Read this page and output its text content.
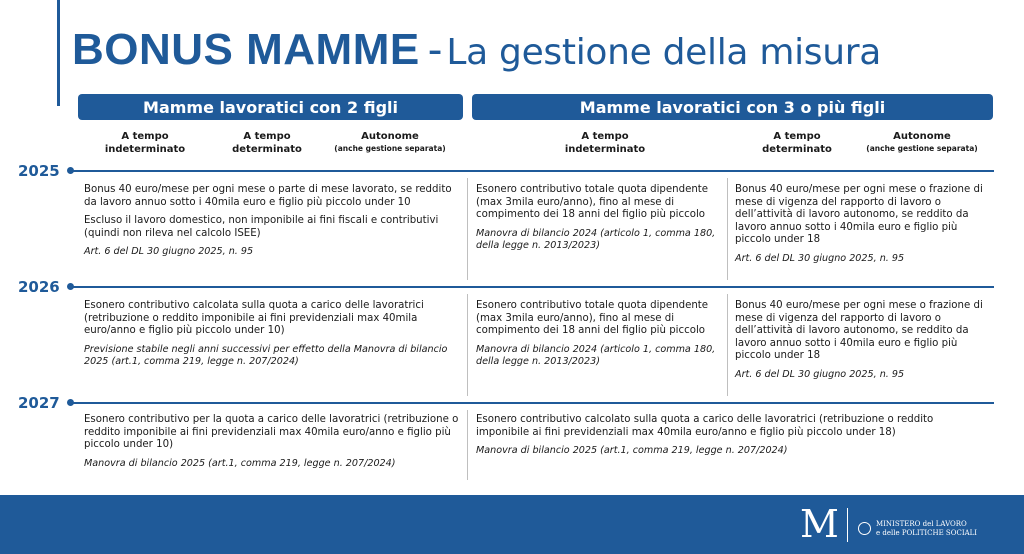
BONUS MAMME - La gestione della misura
Mamme lavoratici con 2 figli	Mamme lavoratici con 3 o più figli
A tempo
indeterminato
A tempo
determinato
Autonome
(anche gestione separata)
A tempo
indeterminato
A tempo
determinato
Autonome
(anche gestione separata)
2025
2026
2027

Bonus 40 euro/mese per ogni mese o parte di mese lavorato, se reddito da lavoro annuo sotto i 40mila euro e figlio più piccolo under 10

Escluso il lavoro domestico, non imponibile ai fini fiscali e contributivi (quindi non rileva nel calcolo ISEE)

Art. 6 del DL 30 giugno 2025, n. 95

Esonero contributivo totale quota dipendente (max 3mila euro/anno), fino al mese di compimento dei 18 anni del figlio più piccolo

Manovra di bilancio 2024 (articolo 1, comma 180, della legge n. 2013/2023)

Bonus 40 euro/mese per ogni mese o frazione di mese di vigenza del rapporto di lavoro o dell’attività di lavoro autonomo, se reddito da lavoro annuo sotto i 40mila euro e figlio più piccolo under 18

Art. 6 del DL 30 giugno 2025, n. 95

Esonero contributivo calcolata sulla quota a carico delle lavoratrici (retribuzione o reddito imponibile ai fini previdenziali max 40mila euro/anno e figlio più piccolo under 10)

Previsione stabile negli anni successivi per effetto della Manovra di bilancio 2025 (art.1, comma 219, legge n. 207/2024)

Esonero contributivo totale quota dipendente (max 3mila euro/anno), fino al mese di compimento dei 18 anni del figlio più piccolo

Manovra di bilancio 2024 (articolo 1, comma 180, della legge n. 2013/2023)

Bonus 40 euro/mese per ogni mese o frazione di mese di vigenza del rapporto di lavoro o dell’attività di lavoro autonomo, se reddito da lavoro annuo sotto i 40mila euro e figlio più piccolo under 18

Art. 6 del DL 30 giugno 2025, n. 95

Esonero contributivo per la quota a carico delle lavoratrici (retribuzione o reddito imponibile ai fini previdenziali max 40mila euro/anno e figlio più piccolo under 10)

Manovra di bilancio 2025 (art.1, comma 219, legge n. 207/2024)

Esonero contributivo calcolato sulla quota a carico delle lavoratrici (retribuzione o reddito imponibile ai fini previdenziali max 40mila euro/anno e figlio più piccolo under 18)

Manovra di bilancio 2025 (art.1, comma 219, legge n. 207/2024)

M	MINISTERO del LAVORO
e delle POLITICHE SOCIALI
